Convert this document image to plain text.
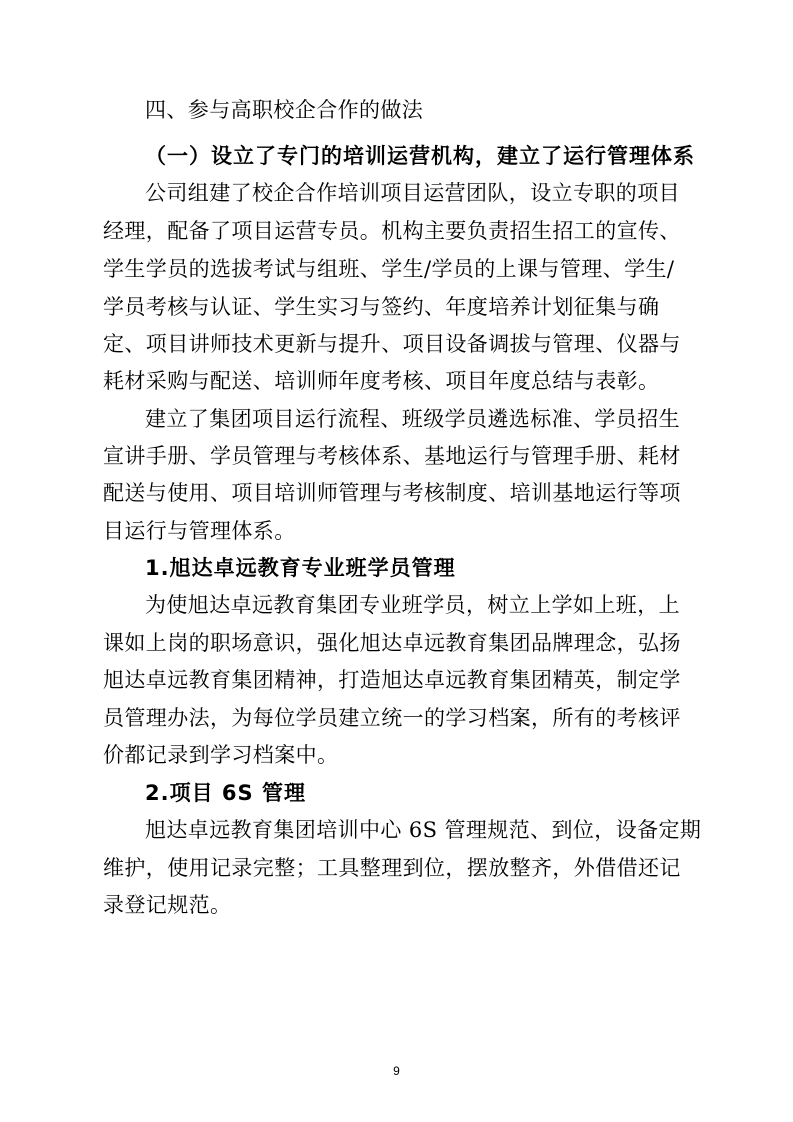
四、参与高职校企合作的做法
（一）设立了专门的培训运营机构，建立了运行管理体系
公司组建了校企合作培训项目运营团队，设立专职的项目
经理，配备了项目运营专员。机构主要负责招生招工的宣传、
学生学员的选拔考试与组班、学生/学员的上课与管理、学生/
学员考核与认证、学生实习与签约、年度培养计划征集与确
定、项目讲师技术更新与提升、项目设备调拔与管理、仪器与
耗材采购与配送、培训师年度考核、项目年度总结与表彰。
建立了集团项目运行流程、班级学员遴选标准、学员招生
宣讲手册、学员管理与考核体系、基地运行与管理手册、耗材
配送与使用、项目培训师管理与考核制度、培训基地运行等项
目运行与管理体系。
1.旭达卓远教育专业班学员管理
为使旭达卓远教育集团专业班学员，树立上学如上班，上
课如上岗的职场意识，强化旭达卓远教育集团品牌理念，弘扬
旭达卓远教育集团精神，打造旭达卓远教育集团精英，制定学
员管理办法，为每位学员建立统一的学习档案，所有的考核评
价都记录到学习档案中。
2.项目 6S 管理
旭达卓远教育集团培训中心 6S 管理规范、到位，设备定期
维护，使用记录完整；工具整理到位，摆放整齐，外借借还记
录登记规范。
9
